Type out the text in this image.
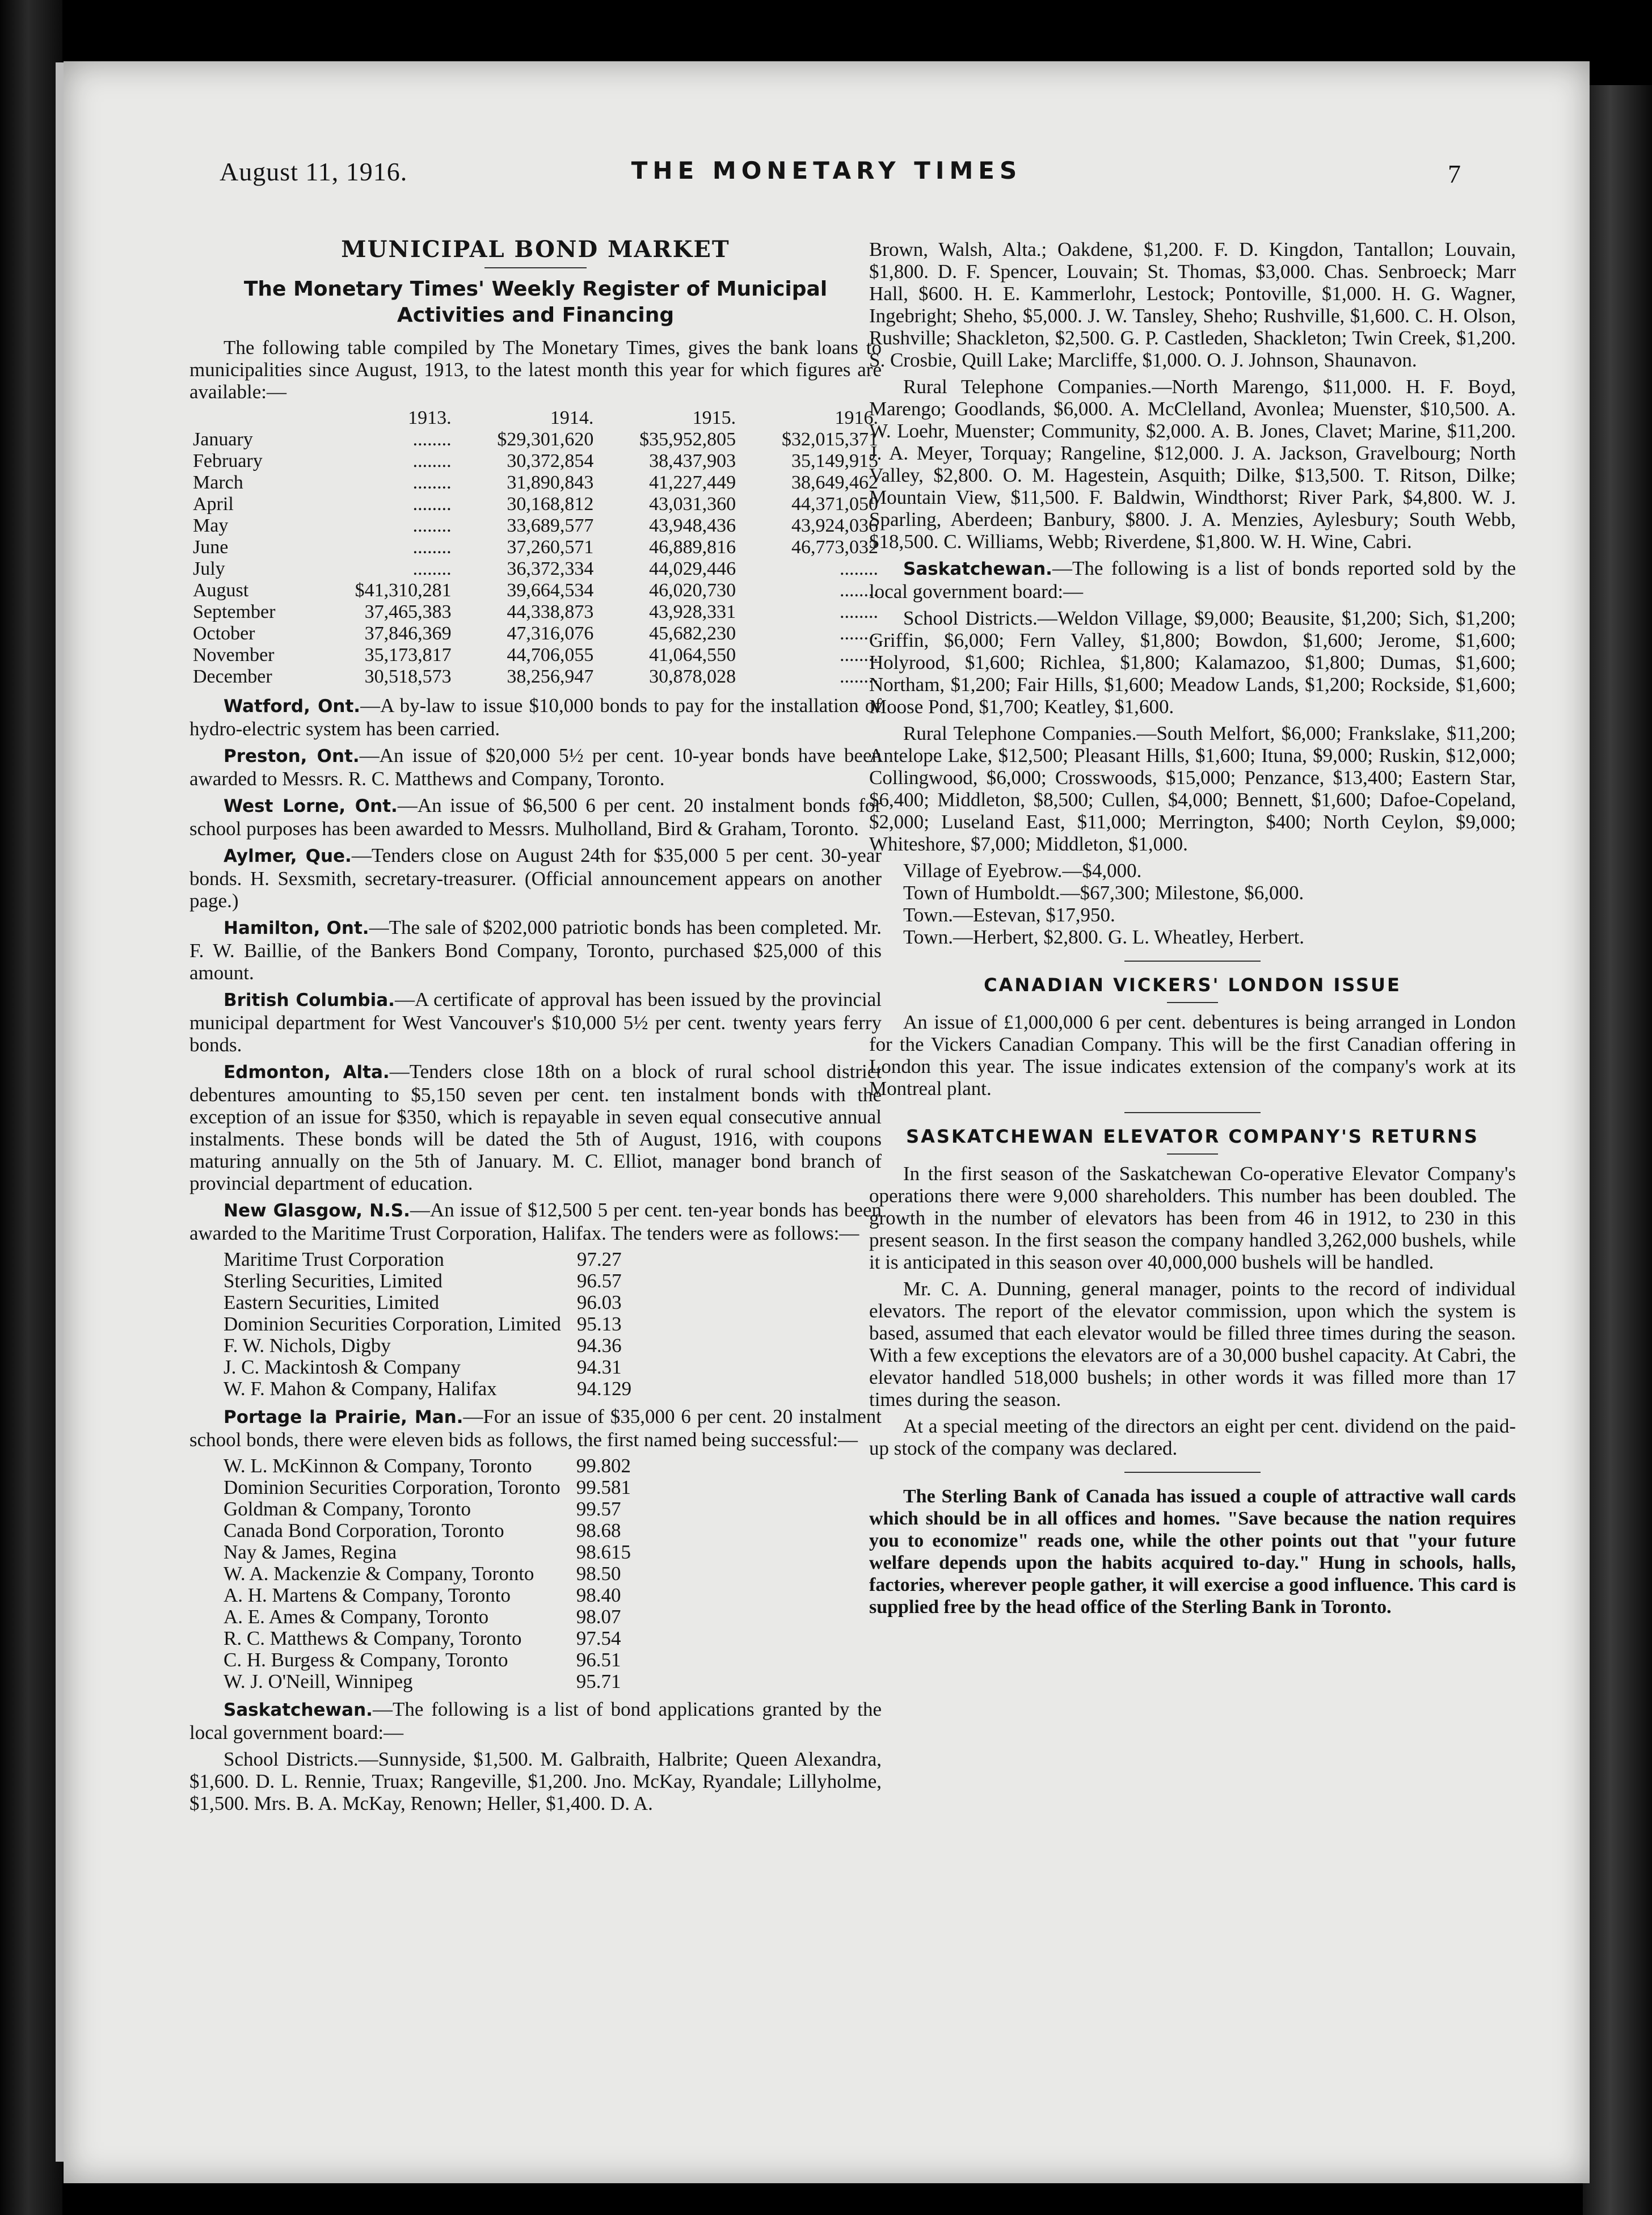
August 11, 1916.	THE MONETARY TIMES	7
MUNICIPAL BOND MARKET
The Monetary Times' Weekly Register of Municipal Activities and Financing

The following table compiled by The Monetary Times, gives the bank loans to municipalities since August, 1913, to the latest month this year for which figures are available:—

	1913.	1914.	1915.	1916.
January	........	$29,301,620	$35,952,805	$32,015,371
February	........	30,372,854	38,437,903	35,149,915
March	........	31,890,843	41,227,449	38,649,462
April	........	30,168,812	43,031,360	44,371,050
May	........	33,689,577	43,948,436	43,924,036
June	........	37,260,571	46,889,816	46,773,032
July	........	36,372,334	44,029,446	........
August	$41,310,281	39,664,534	46,020,730	........
September	37,465,383	44,338,873	43,928,331	........
October	37,846,369	47,316,076	45,682,230	........
November	35,173,817	44,706,055	41,064,550	........
December	30,518,573	38,256,947	30,878,028	........

Watford, Ont.—A by-law to issue $10,000 bonds to pay for the installation of hydro-electric system has been carried.

Preston, Ont.—An issue of $20,000 5½ per cent. 10-year bonds have been awarded to Messrs. R. C. Matthews and Company, Toronto.

West Lorne, Ont.—An issue of $6,500 6 per cent. 20 instalment bonds for school purposes has been awarded to Messrs. Mulholland, Bird & Graham, Toronto.

Aylmer, Que.—Tenders close on August 24th for $35,000 5 per cent. 30-year bonds. H. Sexsmith, secretary-treasurer. (Official announcement appears on another page.)

Hamilton, Ont.—The sale of $202,000 patriotic bonds has been completed. Mr. F. W. Baillie, of the Bankers Bond Company, Toronto, purchased $25,000 of this amount.

British Columbia.—A certificate of approval has been issued by the provincial municipal department for West Vancouver's $10,000 5½ per cent. twenty years ferry bonds.

Edmonton, Alta.—Tenders close 18th on a block of rural school district debentures amounting to $5,150 seven per cent. ten instalment bonds with the exception of an issue for $350, which is repayable in seven equal consecutive annual instalments. These bonds will be dated the 5th of August, 1916, with coupons maturing annually on the 5th of January. M. C. Elliot, manager bond branch of provincial department of education.

New Glasgow, N.S.—An issue of $12,500 5 per cent. ten-year bonds has been awarded to the Maritime Trust Corporation, Halifax. The tenders were as follows:—

Maritime Trust Corporation	97.27
Sterling Securities, Limited	96.57
Eastern Securities, Limited	96.03
Dominion Securities Corporation, Limited	95.13
F. W. Nichols, Digby	94.36
J. C. Mackintosh & Company	94.31
W. F. Mahon & Company, Halifax	94.129

Portage la Prairie, Man.—For an issue of $35,000 6 per cent. 20 instalment school bonds, there were eleven bids as follows, the first named being successful:—

W. L. McKinnon & Company, Toronto	99.802
Dominion Securities Corporation, Toronto	99.581
Goldman & Company, Toronto	99.57
Canada Bond Corporation, Toronto	98.68
Nay & James, Regina	98.615
W. A. Mackenzie & Company, Toronto	98.50
A. H. Martens & Company, Toronto	98.40
A. E. Ames & Company, Toronto	98.07
R. C. Matthews & Company, Toronto	97.54
C. H. Burgess & Company, Toronto	96.51
W. J. O'Neill, Winnipeg	95.71

Saskatchewan.—The following is a list of bond applications granted by the local government board:—

School Districts.—Sunnyside, $1,500. M. Galbraith, Halbrite; Queen Alexandra, $1,600. D. L. Rennie, Truax; Rangeville, $1,200. Jno. McKay, Ryandale; Lillyholme, $1,500. Mrs. B. A. McKay, Renown; Heller, $1,400. D. A.

Brown, Walsh, Alta.; Oakdene, $1,200. F. D. Kingdon, Tantallon; Louvain, $1,800. D. F. Spencer, Louvain; St. Thomas, $3,000. Chas. Senbroeck; Marr Hall, $600. H. E. Kammerlohr, Lestock; Pontoville, $1,000. H. G. Wagner, Ingebright; Sheho, $5,000. J. W. Tansley, Sheho; Rushville, $1,600. C. H. Olson, Rushville; Shackleton, $2,500. G. P. Castleden, Shackleton; Twin Creek, $1,200. S. Crosbie, Quill Lake; Marcliffe, $1,000. O. J. Johnson, Shaunavon.

Rural Telephone Companies.—North Marengo, $11,000. H. F. Boyd, Marengo; Goodlands, $6,000. A. McClelland, Avonlea; Muenster, $10,500. A. W. Loehr, Muenster; Community, $2,000. A. B. Jones, Clavet; Marine, $11,200. J. A. Meyer, Torquay; Rangeline, $12,000. J. A. Jackson, Gravelbourg; North Valley, $2,800. O. M. Hagestein, Asquith; Dilke, $13,500. T. Ritson, Dilke; Mountain View, $11,500. F. Baldwin, Windthorst; River Park, $4,800. W. J. Sparling, Aberdeen; Banbury, $800. J. A. Menzies, Aylesbury; South Webb, $18,500. C. Williams, Webb; Riverdene, $1,800. W. H. Wine, Cabri.

Saskatchewan.—The following is a list of bonds reported sold by the local government board:—

School Districts.—Weldon Village, $9,000; Beausite, $1,200; Sich, $1,200; Griffin, $6,000; Fern Valley, $1,800; Bowdon, $1,600; Jerome, $1,600; Holyrood, $1,600; Richlea, $1,800; Kalamazoo, $1,800; Dumas, $1,600; Northam, $1,200; Fair Hills, $1,600; Meadow Lands, $1,200; Rockside, $1,600; Moose Pond, $1,700; Keatley, $1,600.

Rural Telephone Companies.—South Melfort, $6,000; Frankslake, $11,200; Antelope Lake, $12,500; Pleasant Hills, $1,600; Ituna, $9,000; Ruskin, $12,000; Collingwood, $6,000; Crosswoods, $15,000; Penzance, $13,400; Eastern Star, $6,400; Middleton, $8,500; Cullen, $4,000; Bennett, $1,600; Dafoe-Copeland, $2,000; Luseland East, $11,000; Merrington, $400; North Ceylon, $9,000; Whiteshore, $7,000; Middleton, $1,000.

Village of Eyebrow.—$4,000.

Town of Humboldt.—$67,300; Milestone, $6,000.

Town.—Estevan, $17,950.

Town.—Herbert, $2,800. G. L. Wheatley, Herbert.

CANADIAN VICKERS' LONDON ISSUE

An issue of £1,000,000 6 per cent. debentures is being arranged in London for the Vickers Canadian Company. This will be the first Canadian offering in London this year. The issue indicates extension of the company's work at its Montreal plant.

SASKATCHEWAN ELEVATOR COMPANY'S RETURNS

In the first season of the Saskatchewan Co-operative Elevator Company's operations there were 9,000 shareholders. This number has been doubled. The growth in the number of elevators has been from 46 in 1912, to 230 in this present season. In the first season the company handled 3,262,000 bushels, while it is anticipated in this season over 40,000,000 bushels will be handled.

Mr. C. A. Dunning, general manager, points to the record of individual elevators. The report of the elevator commission, upon which the system is based, assumed that each elevator would be filled three times during the season. With a few exceptions the elevators are of a 30,000 bushel capacity. At Cabri, the elevator handled 518,000 bushels; in other words it was filled more than 17 times during the season.

At a special meeting of the directors an eight per cent. dividend on the paid-up stock of the company was declared.

The Sterling Bank of Canada has issued a couple of attractive wall cards which should be in all offices and homes. "Save because the nation requires you to economize" reads one, while the other points out that "your future welfare depends upon the habits acquired to-day." Hung in schools, halls, factories, wherever people gather, it will exercise a good influence. This card is supplied free by the head office of the Sterling Bank in Toronto.
